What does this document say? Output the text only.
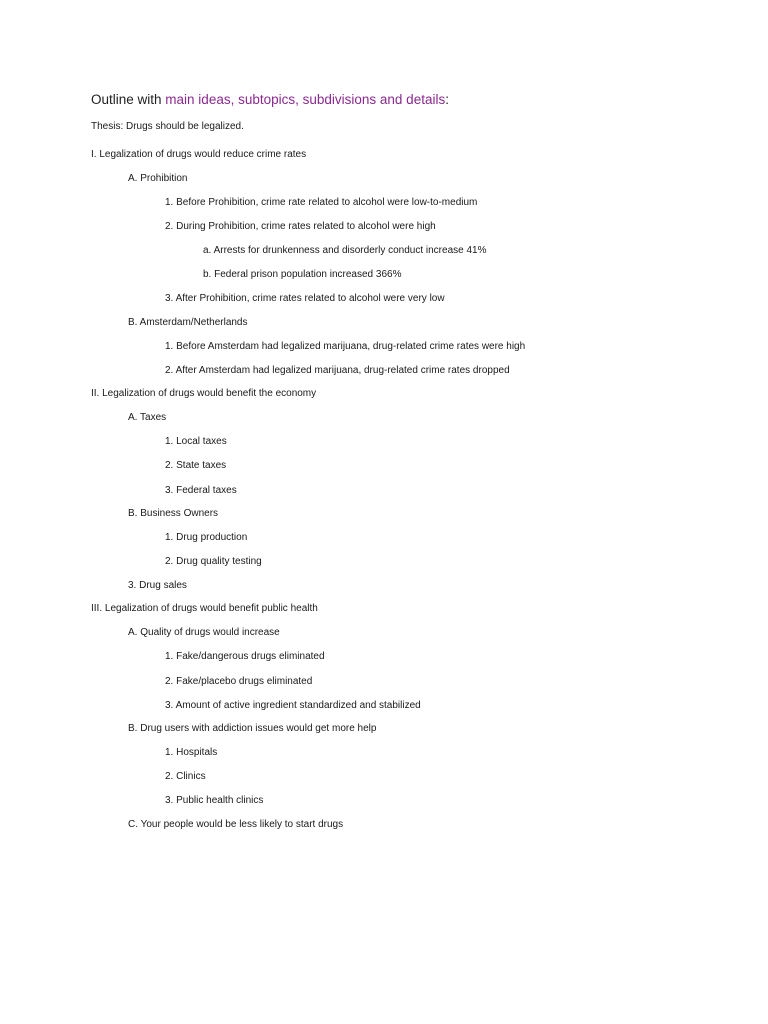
Outline with main ideas, subtopics, subdivisions and details:
Thesis: Drugs should be legalized.
I. Legalization of drugs would reduce crime rates
A. Prohibition
1. Before Prohibition, crime rate related to alcohol were low-to-medium
2. During Prohibition, crime rates related to alcohol were high
a. Arrests for drunkenness and disorderly conduct increase 41%
b. Federal prison population increased 366%
3. After Prohibition, crime rates related to alcohol were very low
B. Amsterdam/Netherlands
1. Before Amsterdam had legalized marijuana, drug-related crime rates were high
2. After Amsterdam had legalized marijuana, drug-related crime rates dropped
II. Legalization of drugs would benefit the economy
A. Taxes
1. Local taxes
2. State taxes
3. Federal taxes
B. Business Owners
1. Drug production
2. Drug quality testing
3. Drug sales
III. Legalization of drugs would benefit public health
A. Quality of drugs would increase
1. Fake/dangerous drugs eliminated
2. Fake/placebo drugs eliminated
3. Amount of active ingredient standardized and stabilized
B. Drug users with addiction issues would get more help
1. Hospitals
2. Clinics
3. Public health clinics
C. Your people would be less likely to start drugs
